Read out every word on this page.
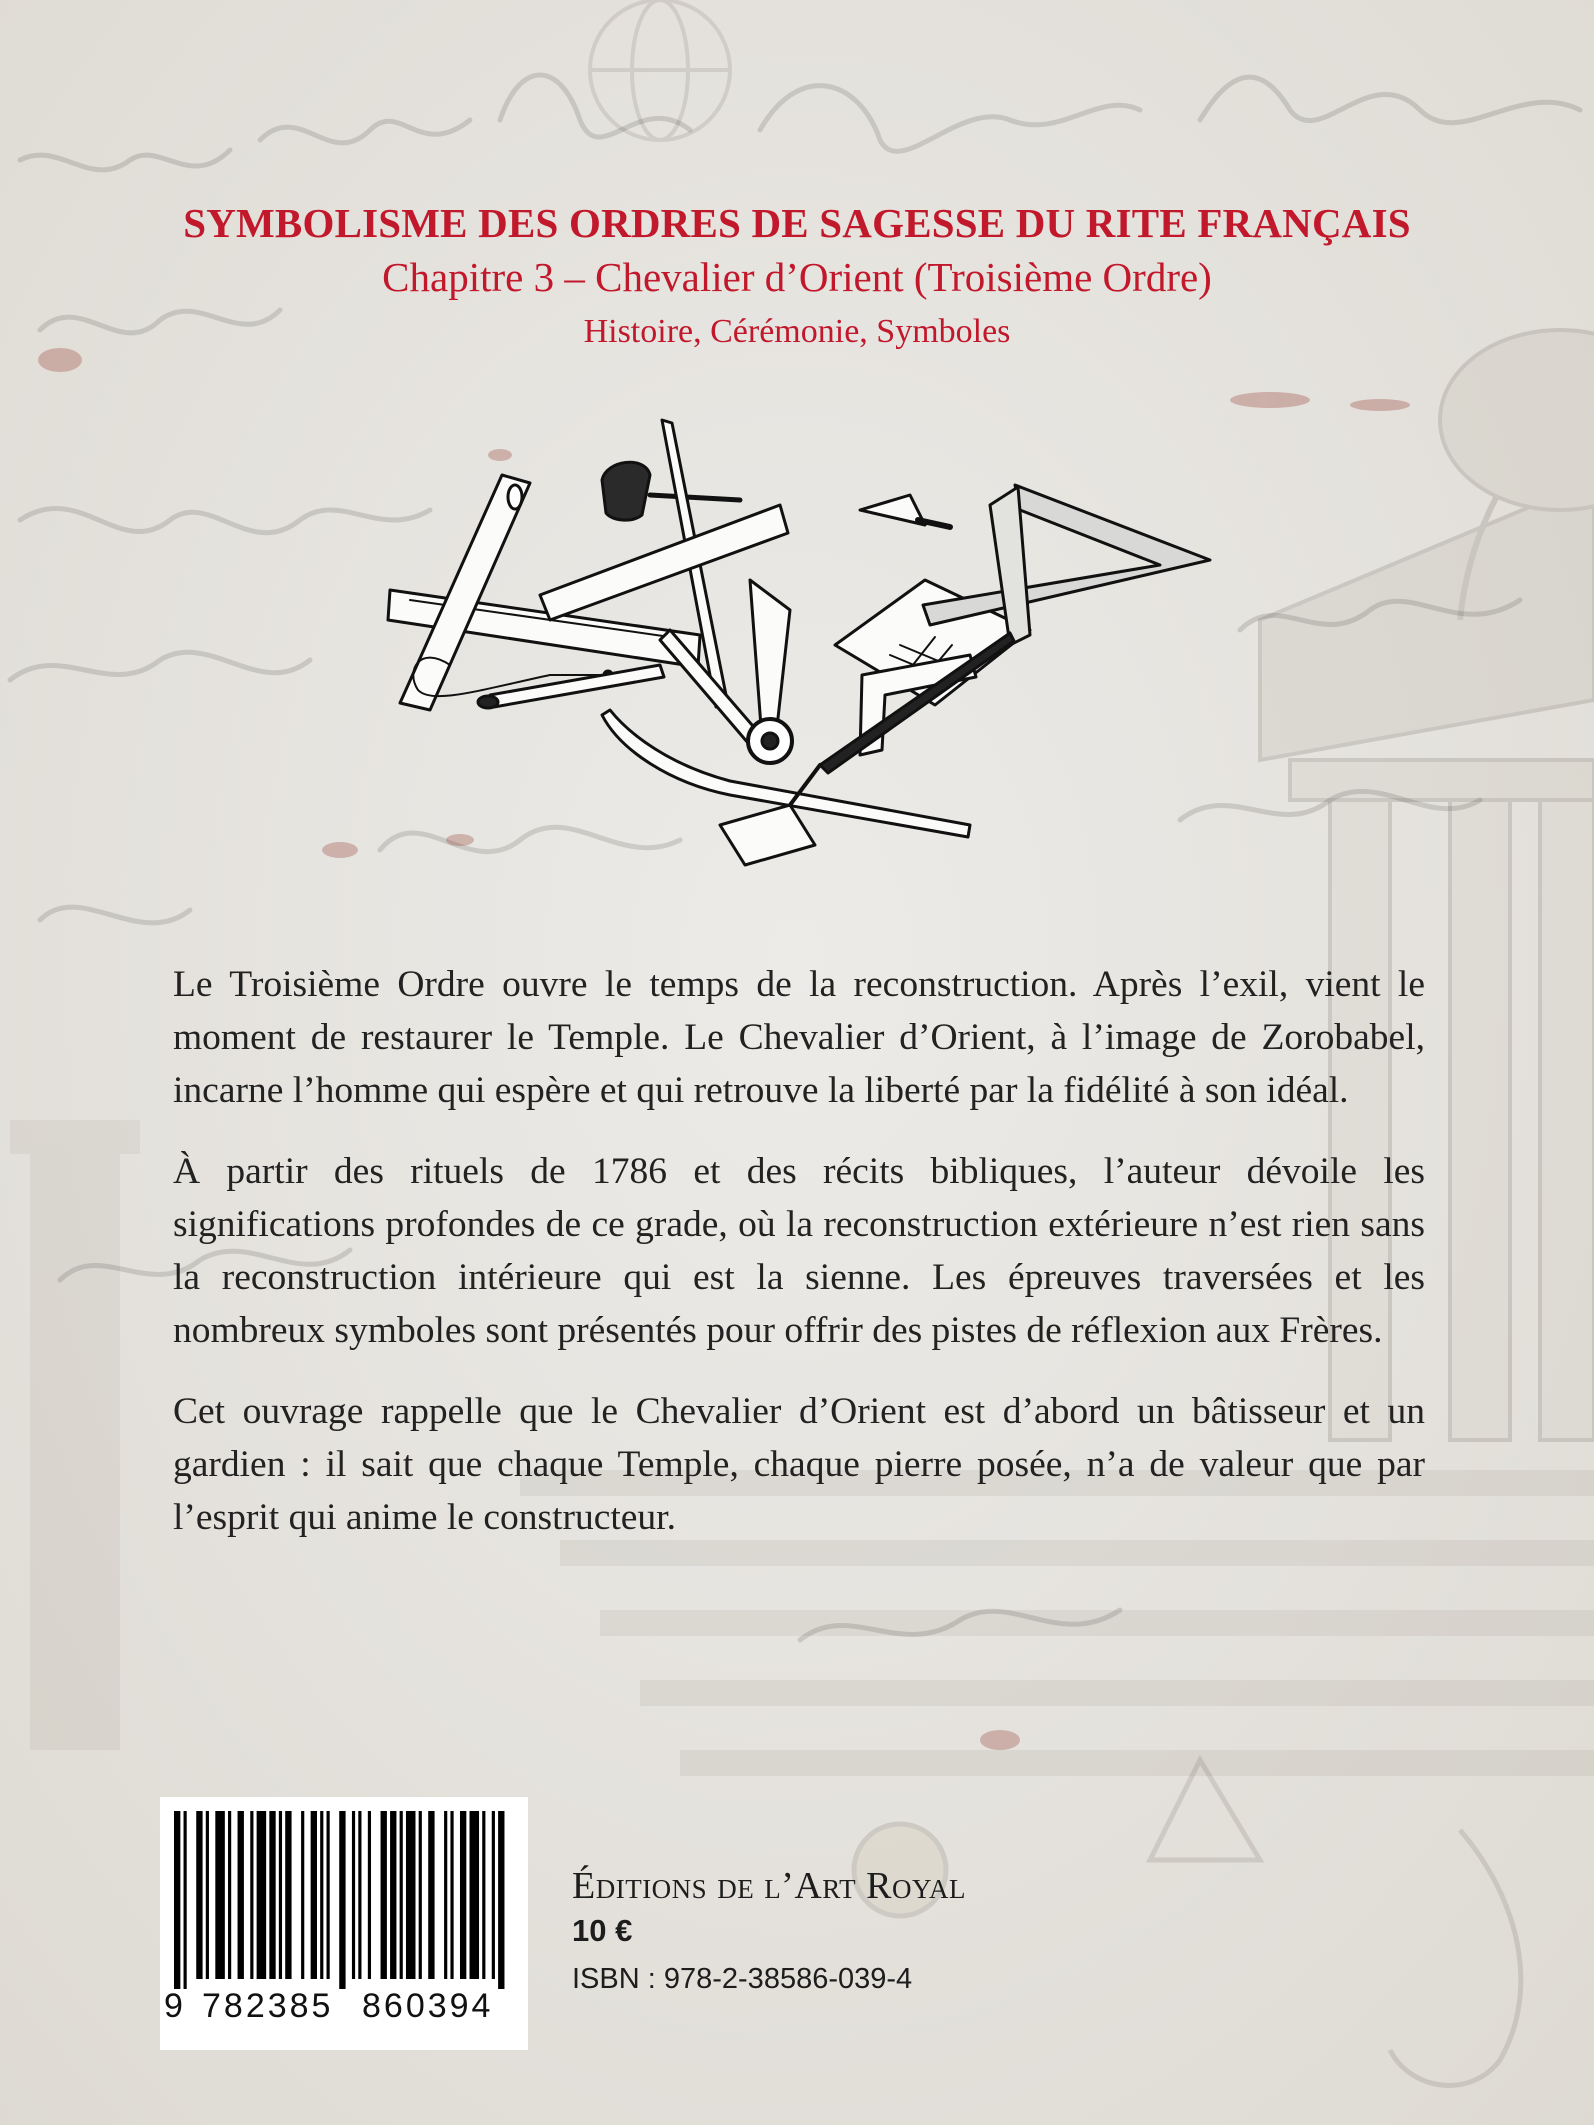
SYMBOLISME DES ORDRES DE SAGESSE DU RITE FRANÇAIS
Chapitre 3 – Chevalier d’Orient (Troisième Ordre)
Histoire, Cérémonie, Symboles

Le Troisième Ordre ouvre le temps de la reconstruction. Après l’exil, vient le moment de restaurer le Temple. Le Chevalier d’Orient, à l’image de Zorobabel, incarne l’homme qui espère et qui retrouve la liberté par la fidélité à son idéal.

À partir des rituels de 1786 et des récits bibliques, l’auteur dévoile les significations profondes de ce grade, où la reconstruction extérieure n’est rien sans la reconstruction intérieure qui est la sienne. Les épreuves traversées et les nombreux symboles sont présentés pour offrir des pistes de réflexion aux Frères.

Cet ouvrage rappelle que le Chevalier d’Orient est d’abord un bâtisseur et un gardien : il sait que chaque Temple, chaque pierre posée, n’a de valeur que par l’esprit qui anime le constructeur.

9 782385 860394
Éditions de l’Art Royal
10 €
ISBN : 978-2-38586-039-4
